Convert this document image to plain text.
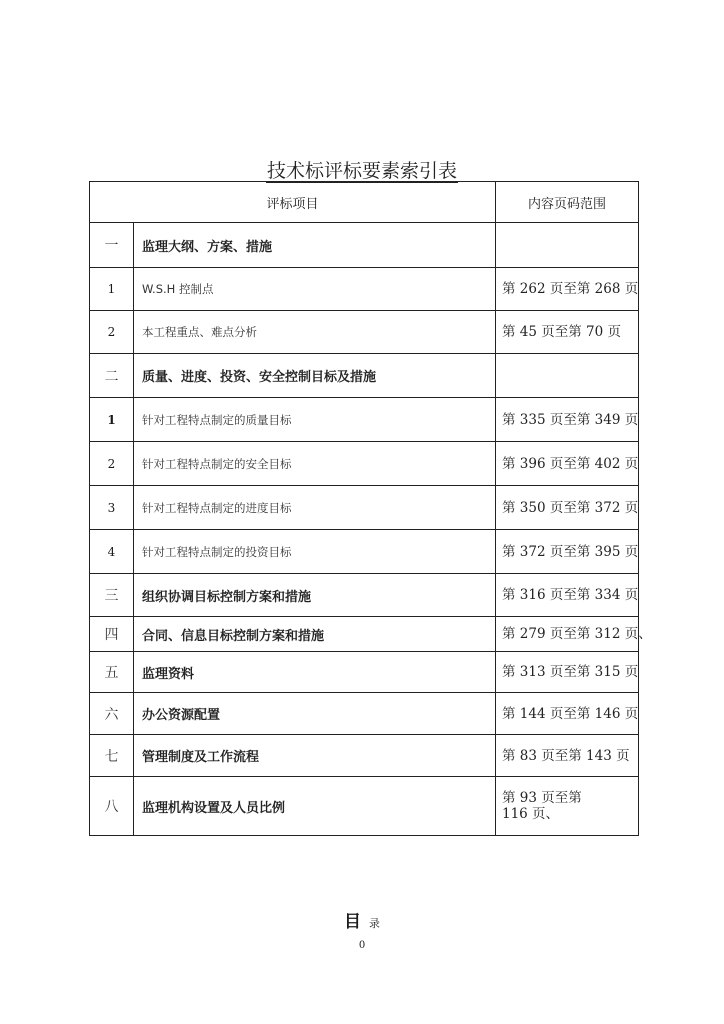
技术标评标要素索引表
评标项目		内容页码范围
一	监理大纲、方案、措施	
1	W.S.H 控制点	第 262 页至第 268 页
2	本工程重点、难点分析	第 45 页至第 70 页
二	质量、进度、投资、安全控制目标及措施	
1	针对工程特点制定的质量目标	第 335 页至第 349 页
2	针对工程特点制定的安全目标	第 396 页至第 402 页
3	针对工程特点制定的进度目标	第 350 页至第 372 页
4	针对工程特点制定的投资目标	第 372 页至第 395 页
三	组织协调目标控制方案和措施	第 316 页至第 334 页
四	合同、信息目标控制方案和措施	第 279 页至第 312 页、
五	监理资料	第 313 页至第 315 页
六	办公资源配置	第 144 页至第 146 页
七	管理制度及工作流程	第 83 页至第 143 页
八	监理机构设置及人员比例	第 93 页至第 116 页、
目录
0
